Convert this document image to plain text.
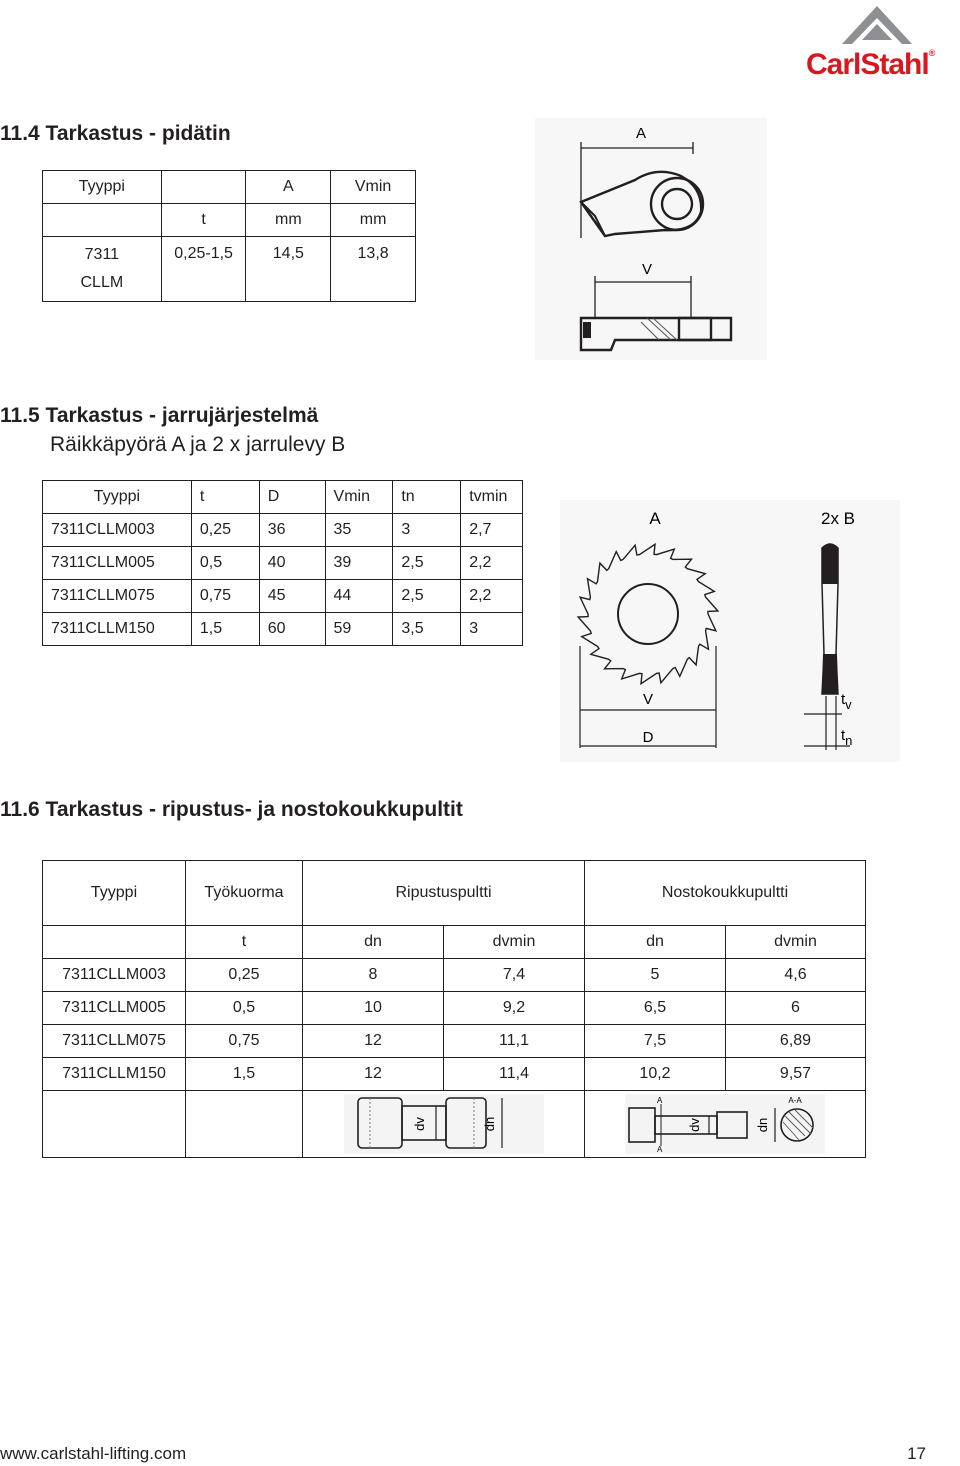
CarlStahl®
11.4 Tarkastus - pidätin
Tyyppi		A	Vmin
	t	mm	mm
7311 CLLM	0,25-1,5	14,5	13,8
A
V
11.5 Tarkastus - jarrujärjestelmä
Räikkäpyörä A ja 2 x jarrulevy B
Tyyppi	t	D	Vmin	tn	tvmin
7311CLLM003	0,25	36	35	3	2,7
7311CLLM005	0,5	40	39	2,5	2,2
7311CLLM075	0,75	45	44	2,5	2,2
7311CLLM150	1,5	60	59	3,5	3
A	2x B
V
D
tv
tn
11.6 Tarkastus - ripustus- ja nostokoukkupultit
Tyyppi	Työkuorma	Ripustuspultti		Nostokoukkupultti	
	t	dn	dvmin	dn	dvmin
7311CLLM003	0,25	8	7,4	5	4,6
7311CLLM005	0,5	10	9,2	6,5	6
7311CLLM075	0,75	12	11,1	7,5	6,89
7311CLLM150	1,5	12	11,4	10,2	9,57

dv dn		A
A
A-A
dv dn	
www.carlstahl-lifting.com	17
